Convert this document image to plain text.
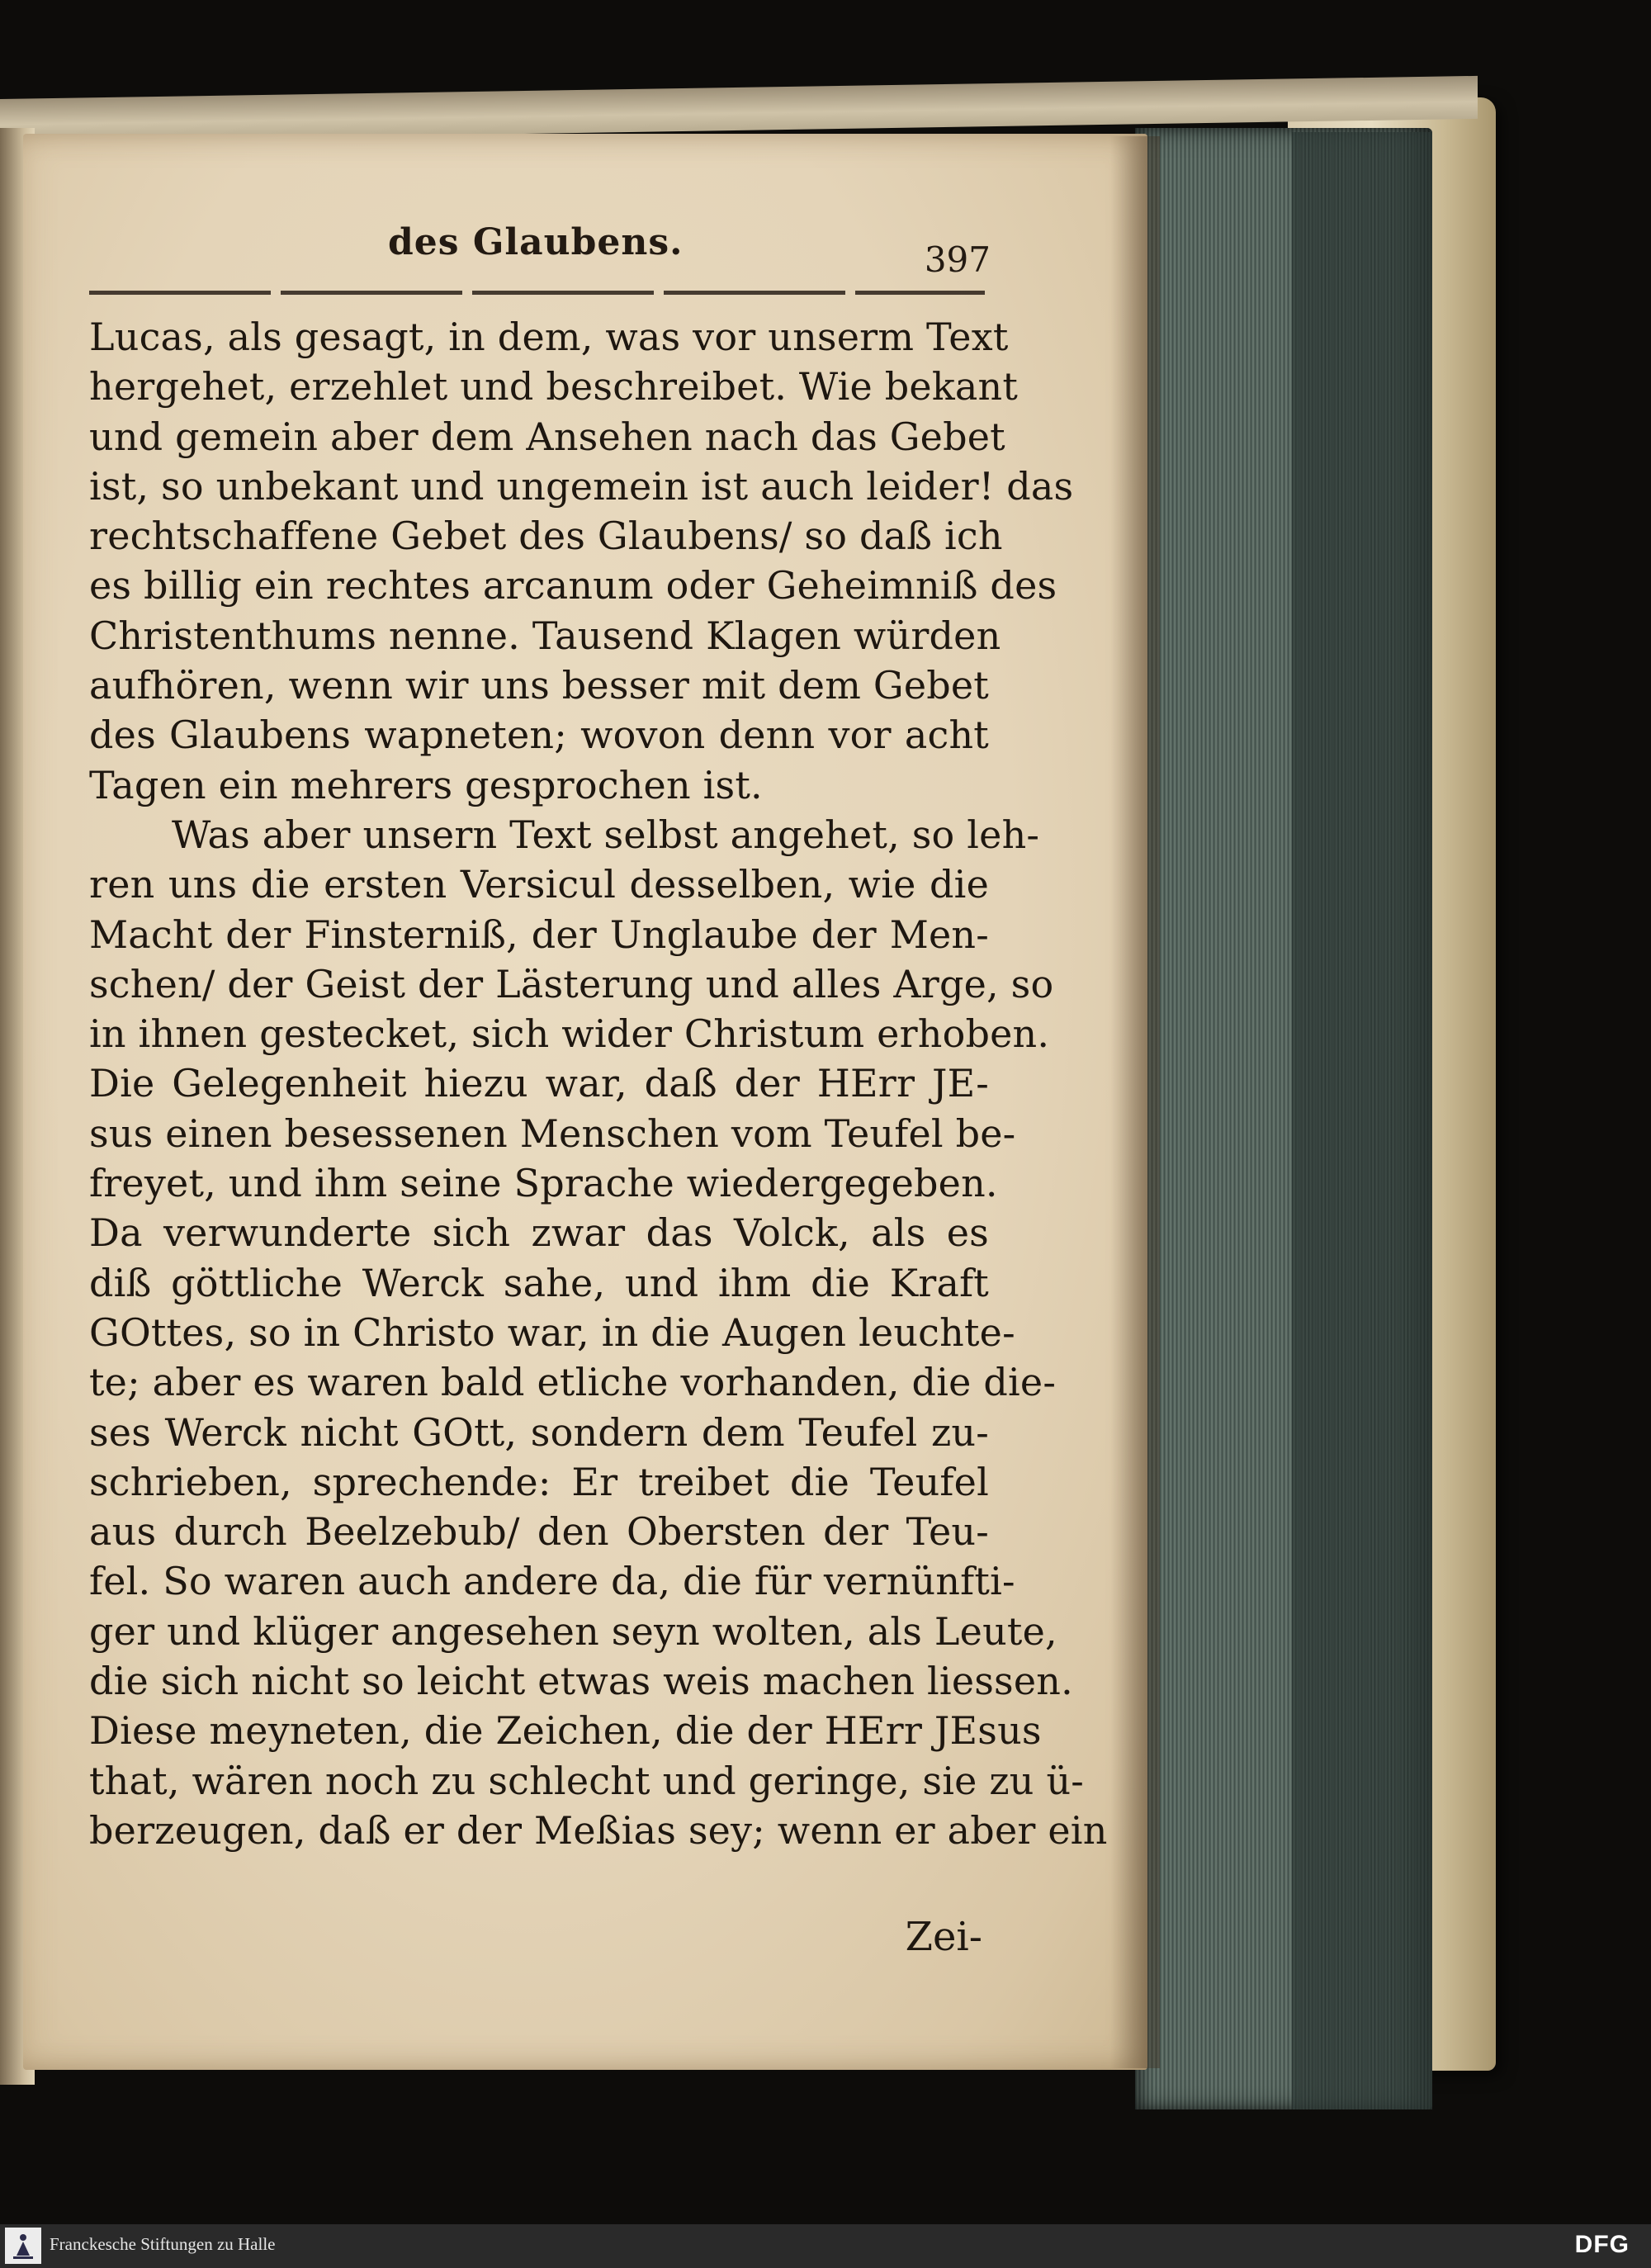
des Glaubens.	397
Lucas, als gesagt, in dem, was vor unserm Text
hergehet, erzehlet und beschreibet. Wie bekant
und gemein aber dem Ansehen nach das Gebet
ist, so unbekant und ungemein ist auch leider! das
rechtschaffene Gebet des Glaubens/ so daß ich
es billig ein rechtes arcanum oder Geheimniß des
Christenthums nenne. Tausend Klagen würden
aufhören, wenn wir uns besser mit dem Gebet
des Glaubens wapneten; wovon denn vor acht
Tagen ein mehrers gesprochen ist.
Was aber unsern Text selbst angehet, so leh-
ren uns die ersten Versicul desselben, wie die
Macht der Finsterniß, der Unglaube der Men-
schen/ der Geist der Lästerung und alles Arge, so
in ihnen gestecket, sich wider Christum erhoben.
Die Gelegenheit hiezu war, daß der HErr JE-
sus einen besessenen Menschen vom Teufel be-
freyet, und ihm seine Sprache wiedergegeben.
Da verwunderte sich zwar das Volck, als es
diß göttliche Werck sahe, und ihm die Kraft
GOttes, so in Christo war, in die Augen leuchte-
te; aber es waren bald etliche vorhanden, die die-
ses Werck nicht GOtt, sondern dem Teufel zu-
schrieben, sprechende: Er treibet die Teufel
aus durch Beelzebub/ den Obersten der Teu-
fel. So waren auch andere da, die für vernünfti-
ger und klüger angesehen seyn wolten, als Leute,
die sich nicht so leicht etwas weis machen liessen.
Diese meyneten, die Zeichen, die der HErr JEsus
that, wären noch zu schlecht und geringe, sie zu ü-
berzeugen, daß er der Meßias sey; wenn er aber ein
Zei-
Franckesche Stiftungen zu Halle	DFG
